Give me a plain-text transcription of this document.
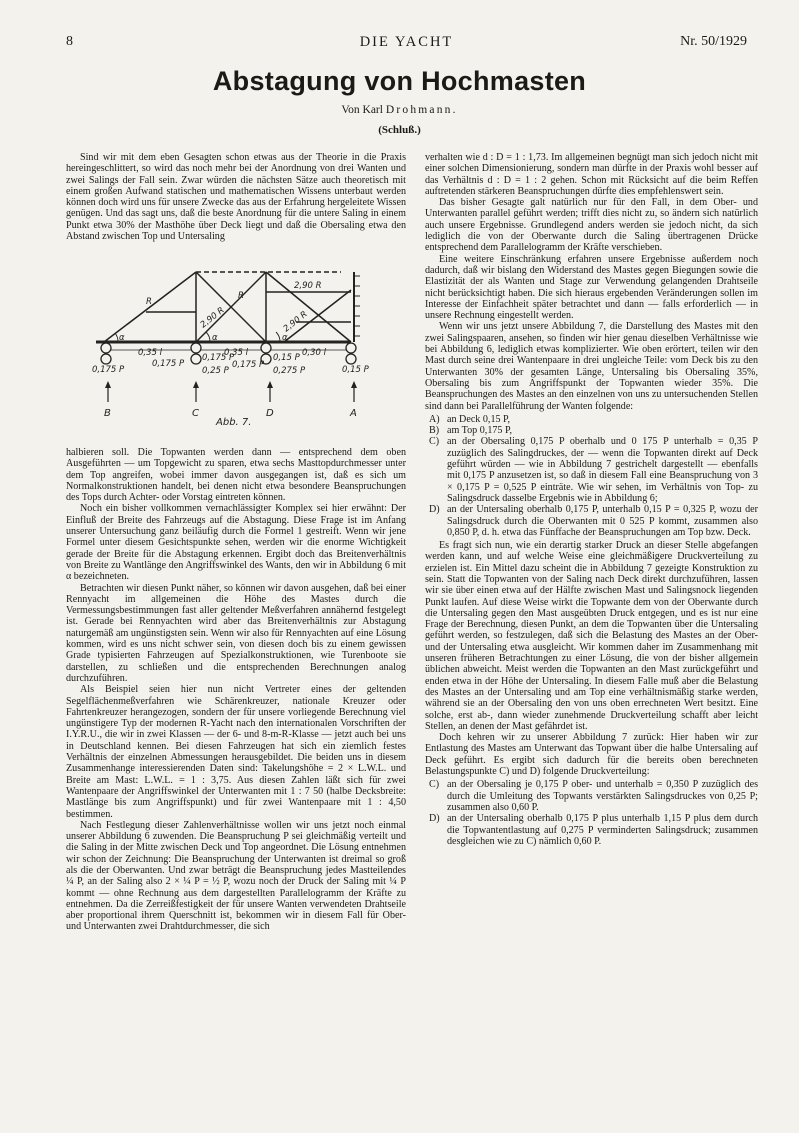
8	DIE YACHT	Nr. 50/1929
Abstagung von Hochmasten
Von Karl Drohmann.
(Schluß.)

Sind wir mit dem eben Gesagten schon etwas aus der Theorie in die Praxis hereingeschlittert, so wird das noch mehr bei der Anordnung von drei Wanten und zwei Salings der Fall sein. Zwar würden die nächsten Sätze auch theoretisch mit einem großen Aufwand statischen und mathematischen Wissens unterbaut werden können doch wird uns für unsere Zwecke das aus der Erfahrung hergeleitete Wissen genügen. Und das sagt uns, daß die beste Anordnung für die untere Saling in einem Punkt etwa 30% der Masthöhe über Deck liegt und daß die Obersaling etwa den Abstand zwischen Top und Untersaling

2,90 R
R
R
2,90 R	2,90 R
α	α	α
0,35 l	0,35 l	0,30 l
0,175 P
0,175 P
0,175 P
0,25 P
0,175 P
0,15 P
0,275 P	0,15 P
B	C	D	A
Abb. 7.

halbieren soll. Die Topwanten werden dann — entsprechend dem oben Ausgeführten — um Topgewicht zu sparen, etwa sechs Masttopdurchmesser unter dem Top angreifen, wobei immer davon ausgegangen ist, daß es sich um Normalkonstruktionen handelt, bei denen nicht etwa besondere Beanspruchungen des Tops durch Achter- oder Vorstag eintreten können.

Noch ein bisher vollkommen vernachlässigter Komplex sei hier erwähnt: Der Einfluß der Breite des Fahrzeugs auf die Abstagung. Diese Frage ist im Anfang unserer Untersuchung ganz beiläufig durch die Formel 1 gestreift. Wenn wir jene Formel unter diesem Gesichtspunkte sehen, werden wir die enorme Wichtigkeit gerade der Breite für die Abstagung erkennen. Ergibt doch das Breitenverhältnis von Breite zu Wantlänge den Angriffswinkel des Wants, den wir in Abbildung 6 mit α bezeichneten.

Betrachten wir diesen Punkt näher, so können wir davon ausgehen, daß bei einer Rennyacht im allgemeinen die Höhe des Mastes durch die Vermessungsbestimmungen fast aller geltender Meßverfahren annähernd festgelegt ist. Gerade bei Rennyachten wird aber das Breitenverhältnis zur Abstagung naturgemäß am ungünstigsten sein. Wenn wir also für Rennyachten auf eine Lösung kommen, wird es uns nicht schwer sein, von diesen doch bis zu einem gewissen Grade typisierten Fahrzeugen auf Spezialkonstruktionen, wie Turenboote sie darstellen, zu schließen und die entsprechenden Berechnungen analog durchzuführen.

Als Beispiel seien hier nun nicht Vertreter eines der geltenden Segelflächenmeßverfahren wie Schärenkreuzer, nationale Kreuzer oder Fahrtenkreuzer herangezogen, sondern der für unsere vorliegende Berechnung viel ungünstigere Typ der modernen R-Yacht nach den internationalen Vorschriften der I.Y.R.U., die wir in zwei Klassen — der 6- und 8-m-R-Klasse — jetzt auch bei uns in Deutschland kennen. Bei diesen Fahrzeugen hat sich ein ziemlich festes Verhältnis der einzelnen Abmessungen herausgebildet. Die beiden uns in diesem Zusammenhange interessierenden Daten sind: Takelungshöhe = 2 × L.W.L. und Breite am Mast: L.W.L. = 1 : 3,75. Aus diesen Zahlen läßt sich für zwei Wantenpaare der Angriffswinkel der Unterwanten mit 1 : 7 50 (halbe Decksbreite: Mastlänge bis zum Angriffspunkt) und für zwei Wantenpaare mit 1 : 4,50 bestimmen.

Nach Festlegung dieser Zahlenverhältnisse wollen wir uns jetzt noch einmal unserer Abbildung 6 zuwenden. Die Beanspruchung P sei gleichmäßig verteilt und die Saling in der Mitte zwischen Deck und Top angeordnet. Die Lösung entnehmen wir schon der Zeichnung: Die Beanspruchung der Unterwanten ist dreimal so groß als die der Oberwanten. Und zwar beträgt die Beanspruchung jedes Mastteilendes ¼ P, an der Saling also 2 × ¼ P = ½ P, wozu noch der Druck der Saling mit ¼ P kommt — ohne Rechnung aus dem dargestellten Parallelogramm der Kräfte zu entnehmen. Da die Zerreißfestigkeit der für unsere Wanten verwendeten Drahtseile aber proportional ihrem Querschnitt ist, bekommen wir in diesem Fall für Ober- und Unterwanten zwei Drahtdurchmesser, die sich

verhalten wie d : D = 1 : 1,73. Im allgemeinen begnügt man sich jedoch nicht mit einer solchen Dimensionierung, sondern man dürfte in der Praxis wohl besser auf das Verhältnis d : D = 1 : 2 gehen. Schon mit Rücksicht auf die beim Reffen auftretenden stärkeren Beanspruchungen dürfte dies empfehlenswert sein.

Das bisher Gesagte galt natürlich nur für den Fall, in dem Ober- und Unterwanten parallel geführt werden; trifft dies nicht zu, so ändern sich natürlich auch unsere Ergebnisse. Grundlegend anders werden sie jedoch nicht, da sich lediglich die von der Oberwante durch die Saling übertragenen Drücke entsprechend dem Parallelogramm der Kräfte verschieben.

Eine weitere Einschränkung erfahren unsere Ergebnisse außerdem noch dadurch, daß wir bislang den Widerstand des Mastes gegen Biegungen sowie die Elastizität der als Wanten und Stage zur Verwendung gelangenden Drahtseile nicht berücksichtigt haben. Die sich hieraus ergebenden Veränderungen sollen im Interesse der Einfachheit später betrachtet und dann — falls erforderlich — in unsere Rechnung eingestellt werden.

Wenn wir uns jetzt unsere Abbildung 7, die Darstellung des Mastes mit den zwei Salingspaaren, ansehen, so finden wir hier genau dieselben Verhältnisse wie bei Abbildung 6, lediglich etwas komplizierter. Wie oben erörtert, teilen wir den Mast durch seine drei Wantenpaare in drei ungleiche Teile: vom Deck bis zu den Unterwanten 30% der gesamten Länge, Untersaling bis Obersaling 35%, Obersaling bis zum Angriffspunkt der Topwanten wieder 35%. Die Beanspruchungen des Mastes an den einzelnen von uns zu untersuchenden Stellen sind dann bei Parallelführung der Wanten folgende:

A) an Deck 0,15 P,
B) am Top 0,175 P,
C) an der Obersaling 0,175 P oberhalb und 0 175 P unterhalb = 0,35 P zuzüglich des Salingdruckes, der — wenn die Topwanten direkt auf Deck geführt würden — wie in Abbildung 7 gestrichelt dargestellt — ebenfalls mit 0,175 P anzusetzen ist, so daß in diesem Fall eine Beanspruchung von 3 × 0,175 P = 0,525 P einträte. Wie wir sehen, im Verhältnis von Top- zu Salingsdruck dasselbe Ergebnis wie in Abbildung 6;
D) an der Untersaling oberhalb 0,175 P, unterhalb 0,15 P = 0,325 P, wozu der Salingsdruck durch die Oberwanten mit 0 525 P kommt, zusammen also 0,850 P, d. h. etwa das Fünffache der Beanspruchungen am Top bzw. Deck.

Es fragt sich nun, wie ein derartig starker Druck an dieser Stelle abgefangen werden kann, und auf welche Weise eine gleichmäßigere Druckverteilung zu erzielen ist. Ein Mittel dazu scheint die in Abbildung 7 gezeigte Konstruktion zu sein. Statt die Topwanten von der Saling nach Deck direkt durchzuführen, lassen wir sie über einen etwa auf der Hälfte zwischen Mast und Salingsnock liegenden Punkt laufen. Auf diese Weise wirkt die Topwante dem von der Oberwante durch die Untersaling gegen den Mast ausgeübten Druck entgegen, und es ist nur eine Frage der Berechnung, diesen Punkt, an dem die Topwanten über die Untersaling geführt werden, so festzulegen, daß sich die Belastung des Mastes an der Ober- und der Untersaling etwa ausgleicht. Wir kommen daher im Zusammenhang mit unseren früheren Betrachtungen zu einer Lösung, die von der bisher allgemein üblichen abweicht. Meist werden die Topwanten an den Mast zurückgeführt und enden etwa in der Höhe der Untersaling. In diesem Falle muß aber die Belastung des Mastes an der Untersaling und am Top eine verhältnismäßig starke werden, während sie an der Obersaling den von uns oben errechneten Wert besitzt. Eine solche, erst ab-, dann wieder zunehmende Druckverteilung schafft aber leicht Stellen, an denen der Mast gefährdet ist.

Doch kehren wir zu unserer Abbildung 7 zurück: Hier haben wir zur Entlastung des Mastes am Unterwant das Topwant über die halbe Untersaling auf Deck geführt. Es ergibt sich dadurch für die bereits oben berechneten Belastungspunkte C) und D) folgende Druckverteilung:

C) an der Obersaling je 0,175 P ober- und unterhalb = 0,350 P zuzüglich des durch die Umleitung des Topwants verstärkten Salingsdruckes von 0,25 P; zusammen also 0,60 P.
D) an der Untersaling oberhalb 0,175 P plus unterhalb 1,15 P plus dem durch die Topwantentlastung auf 0,275 P verminderten Salingsdruck; zusammen desgleichen wie zu C) nämlich 0,60 P.
